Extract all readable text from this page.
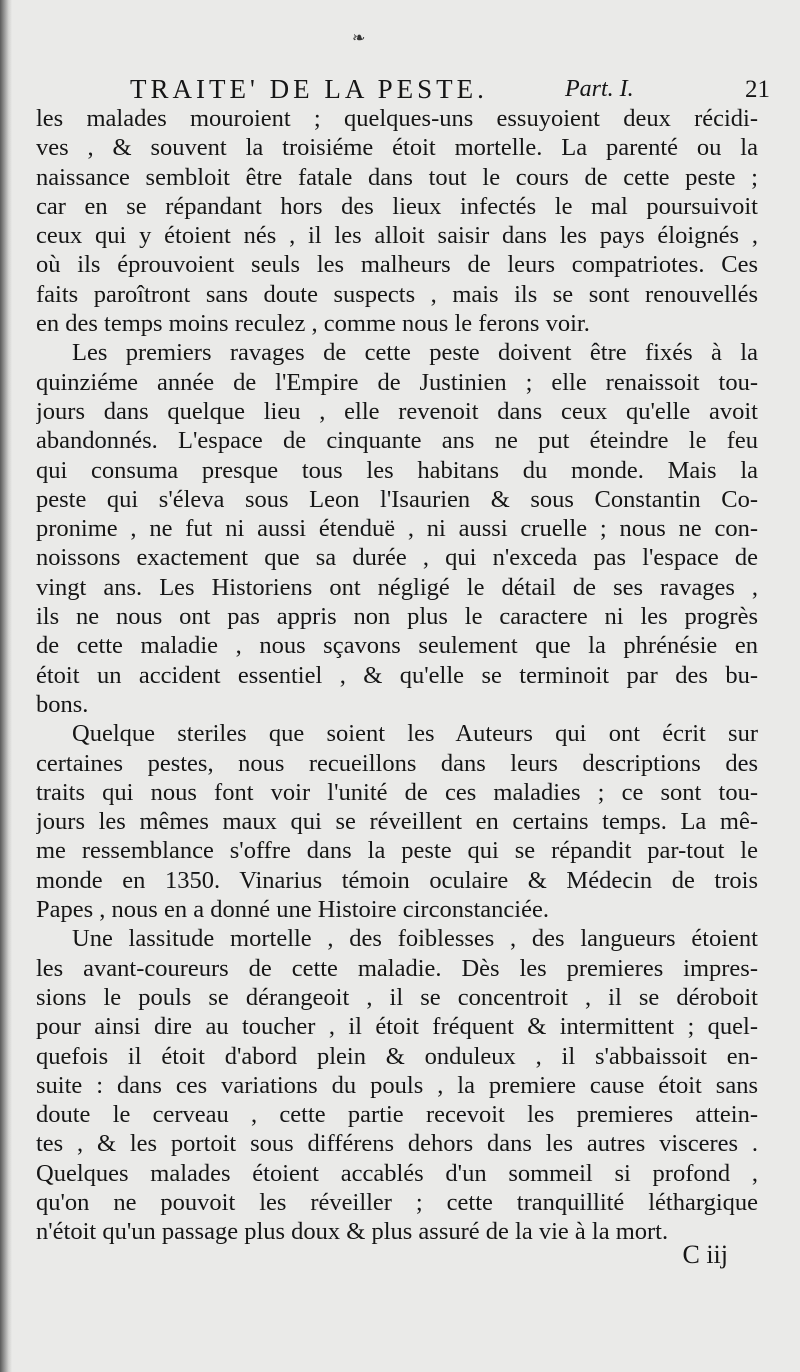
❧
TRAITE' DE LA PESTE.	Part. I.	21
les malades mouroient ; quelques-uns essuyoient deux récidi-
ves , & souvent la troisiéme étoit mortelle. La parenté ou la
naissance sembloit être fatale dans tout le cours de cette peste ;
car en se répandant hors des lieux infectés le mal poursuivoit
ceux qui y étoient nés , il les alloit saisir dans les pays éloignés ,
où ils éprouvoient seuls les malheurs de leurs compatriotes. Ces
faits paroîtront sans doute suspects , mais ils se sont renouvellés
en des temps moins reculez , comme nous le ferons voir.
Les premiers ravages de cette peste doivent être fixés à la
quinziéme année de l'Empire de Justinien ; elle renaissoit tou-
jours dans quelque lieu , elle revenoit dans ceux qu'elle avoit
abandonnés. L'espace de cinquante ans ne put éteindre le feu
qui consuma presque tous les habitans du monde. Mais la
peste qui s'éleva sous Leon l'Isaurien & sous Constantin Co-
pronime , ne fut ni aussi étenduë , ni aussi cruelle ; nous ne con-
noissons exactement que sa durée , qui n'exceda pas l'espace de
vingt ans. Les Historiens ont négligé le détail de ses ravages ,
ils ne nous ont pas appris non plus le caractere ni les progrès
de cette maladie , nous sçavons seulement que la phrénésie en
étoit un accident essentiel , & qu'elle se terminoit par des bu-
bons.
Quelque steriles que soient les Auteurs qui ont écrit sur
certaines pestes, nous recueillons dans leurs descriptions des
traits qui nous font voir l'unité de ces maladies ; ce sont tou-
jours les mêmes maux qui se réveillent en certains temps. La mê-
me ressemblance s'offre dans la peste qui se répandit par-tout le
monde en 1350. Vinarius témoin oculaire & Médecin de trois
Papes , nous en a donné une Histoire circonstanciée.
Une lassitude mortelle , des foiblesses , des langueurs étoient
les avant-coureurs de cette maladie. Dès les premieres impres-
sions le pouls se dérangeoit , il se concentroit , il se déroboit
pour ainsi dire au toucher , il étoit fréquent & intermittent ; quel-
quefois il étoit d'abord plein & onduleux , il s'abbaissoit en-
suite : dans ces variations du pouls , la premiere cause étoit sans
doute le cerveau , cette partie recevoit les premieres attein-
tes , & les portoit sous différens dehors dans les autres visceres .
Quelques malades étoient accablés d'un sommeil si profond ,
qu'on ne pouvoit les réveiller ; cette tranquillité léthargique
n'étoit qu'un passage plus doux & plus assuré de la vie à la mort.
C iij
